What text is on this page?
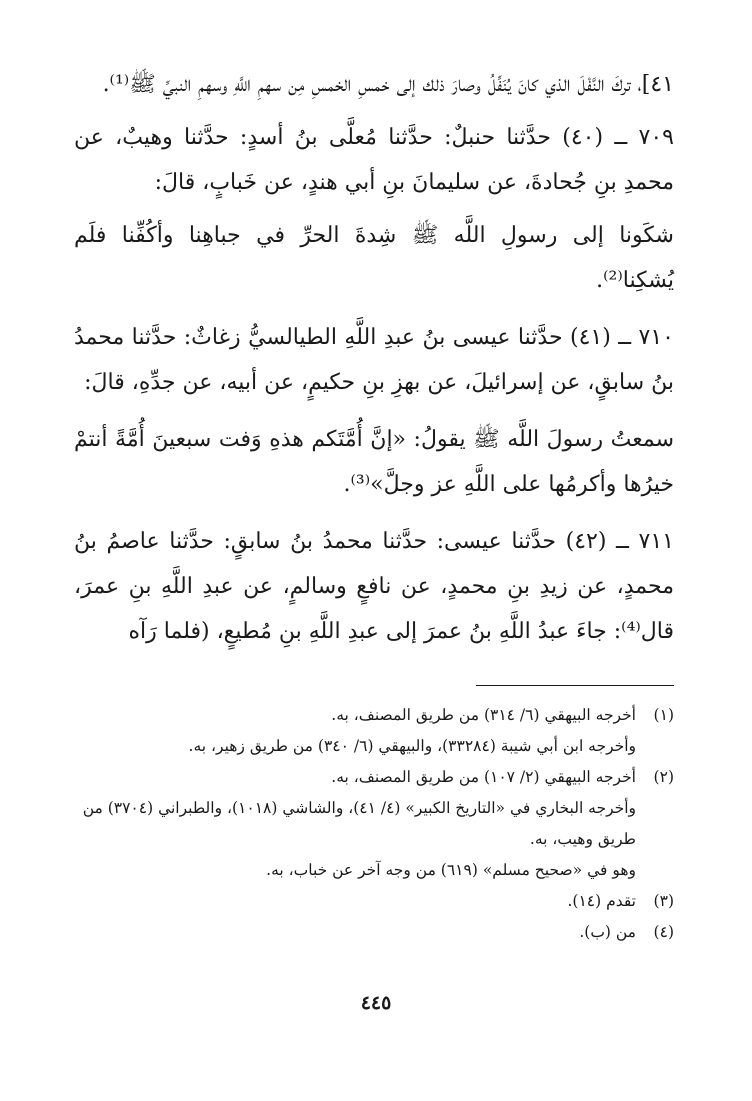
٤١]، تركَ النَّفْلَ الذي كانَ يُنَفِّلُ وصارَ ذلك إلى خمسِ الخمسِ مِن سهمِ اللَّهِ وسهمِ النبيِّ ﷺ⁽¹⁾.

٧٠٩ ــ (٤٠) حدَّثنا حنبلٌ: حدَّثنا مُعلَّى بنُ أسدٍ: حدَّثنا وهيبٌ، عن محمدِ بنِ جُحادةَ، عن سليمانَ بنِ أبي هندٍ، عن خَبابٍ، قالَ:

شكَونا إلى رسولِ اللَّه ﷺ شِدةَ الحرِّ في جباهِنا وأكُفِّنا فلَم يُشكِنا⁽²⁾.

٧١٠ ــ (٤١) حدَّثنا عيسى بنُ عبدِ اللَّهِ الطيالسيُّ زغاثٌ: حدَّثنا محمدُ بنُ سابقٍ، عن إسرائيلَ، عن بهزِ بنِ حكيمٍ، عن أبيه، عن جدِّهِ، قالَ:

سمعتُ رسولَ اللَّه ﷺ يقولُ: «إنَّ أُمَّتَكم هذهِ وَفت سبعينَ أُمَّةً أنتمْ خيرُها وأكرمُها على اللَّهِ عز وجلَّ»⁽³⁾.

٧١١ ــ (٤٢) حدَّثنا عيسى: حدَّثنا محمدُ بنُ سابقٍ: حدَّثنا عاصمُ بنُ محمدٍ، عن زيدِ بنِ محمدٍ، عن نافعٍ وسالمٍ، عن عبدِ اللَّهِ بنِ عمرَ، قال⁽⁴⁾: جاءَ عبدُ اللَّهِ بنُ عمرَ إلى عبدِ اللَّهِ بنِ مُطيعٍ، (فلما رَآه

(١)أخرجه البيهقي (٦/ ٣١٤) من طريق المصنف، به.

وأخرجه ابن أبي شيبة (٣٣٢٨٤)، والبيهقي (٦/ ٣٤٠) من طريق زهير، به.

(٢)أخرجه البيهقي (٢/ ١٠٧) من طريق المصنف، به.

وأخرجه البخاري في «التاريخ الكبير» (٤/ ٤١)، والشاشي (١٠١٨)، والطبراني (٣٧٠٤) من طريق وهيب، به.

وهو في «صحيح مسلم» (٦١٩) من وجه آخر عن خباب، به.

(٣)تقدم (١٤).

(٤)من (ب).

٤٤٥
